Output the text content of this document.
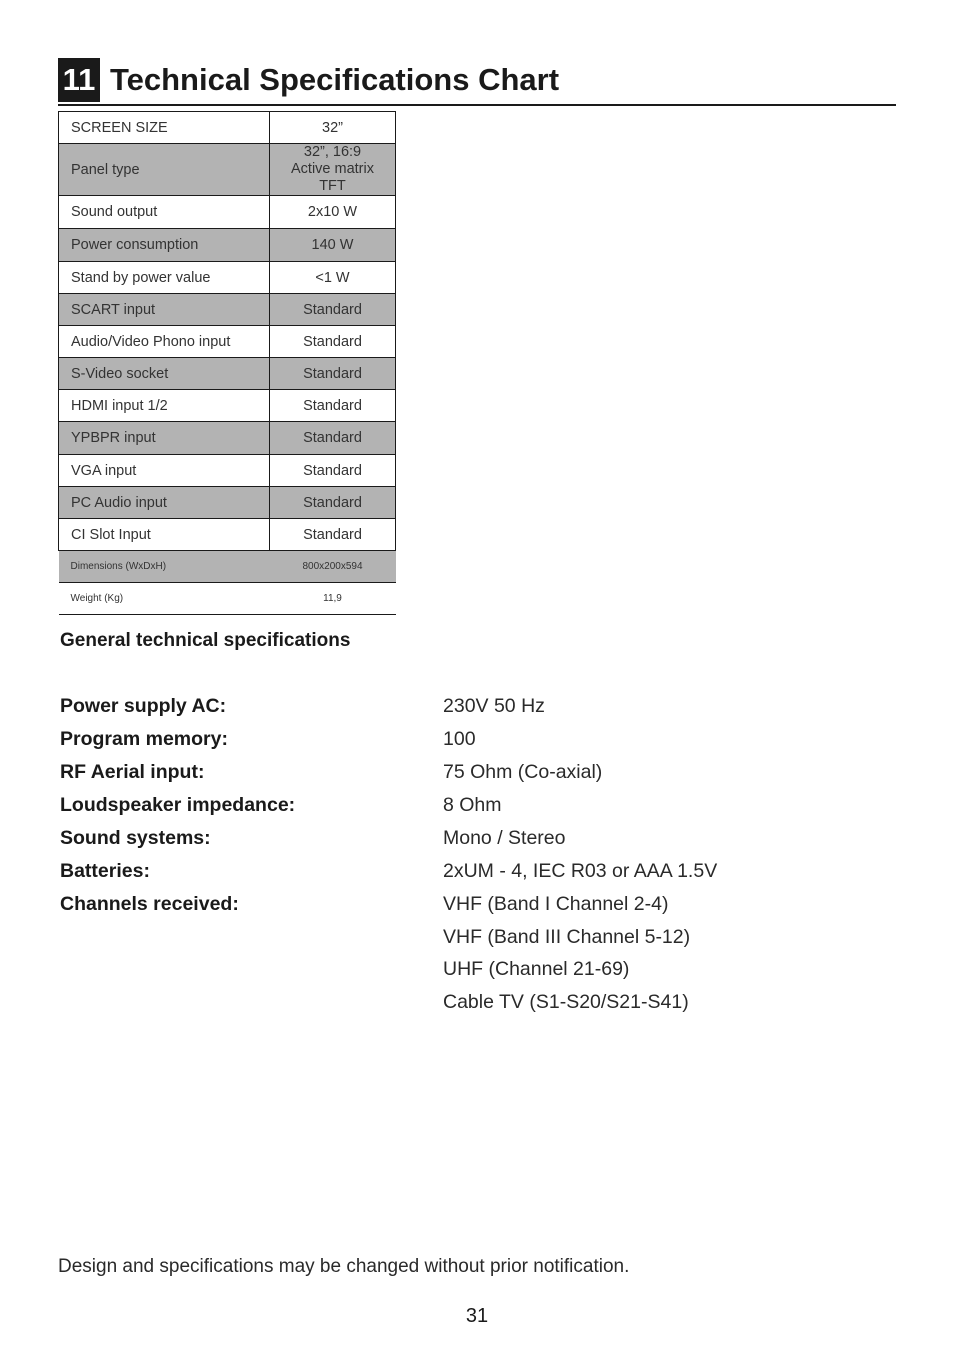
11 Technical Specifications Chart
SCREEN SIZE	32”
Panel type	32”, 16:9
Active matrix
TFT

Sound output	2x10 W
Power consumption	140 W
Stand by power value	<1 W
SCART input	Standard
Audio/Video Phono input	Standard
S-Video socket	Standard
HDMI input 1/2	Standard
YPBPR input	Standard
VGA input	Standard
PC Audio input	Standard
CI Slot Input	Standard
Dimensions (WxDxH)	800x200x594
Weight (Kg)	11,9
General technical specifications
Power supply AC:	230V 50 Hz
Program memory:	100
RF Aerial input:	75 Ohm (Co-axial)
Loudspeaker impedance:	8 Ohm
Sound systems:	Mono / Stereo
Batteries:	2xUM - 4, IEC R03 or AAA 1.5V
Channels received:	VHF (Band I Channel 2-4)
VHF (Band III Channel 5-12)
UHF (Channel 21-69)
Cable TV (S1-S20/S21-S41)
Design and specifications may be changed without prior notification.
31
